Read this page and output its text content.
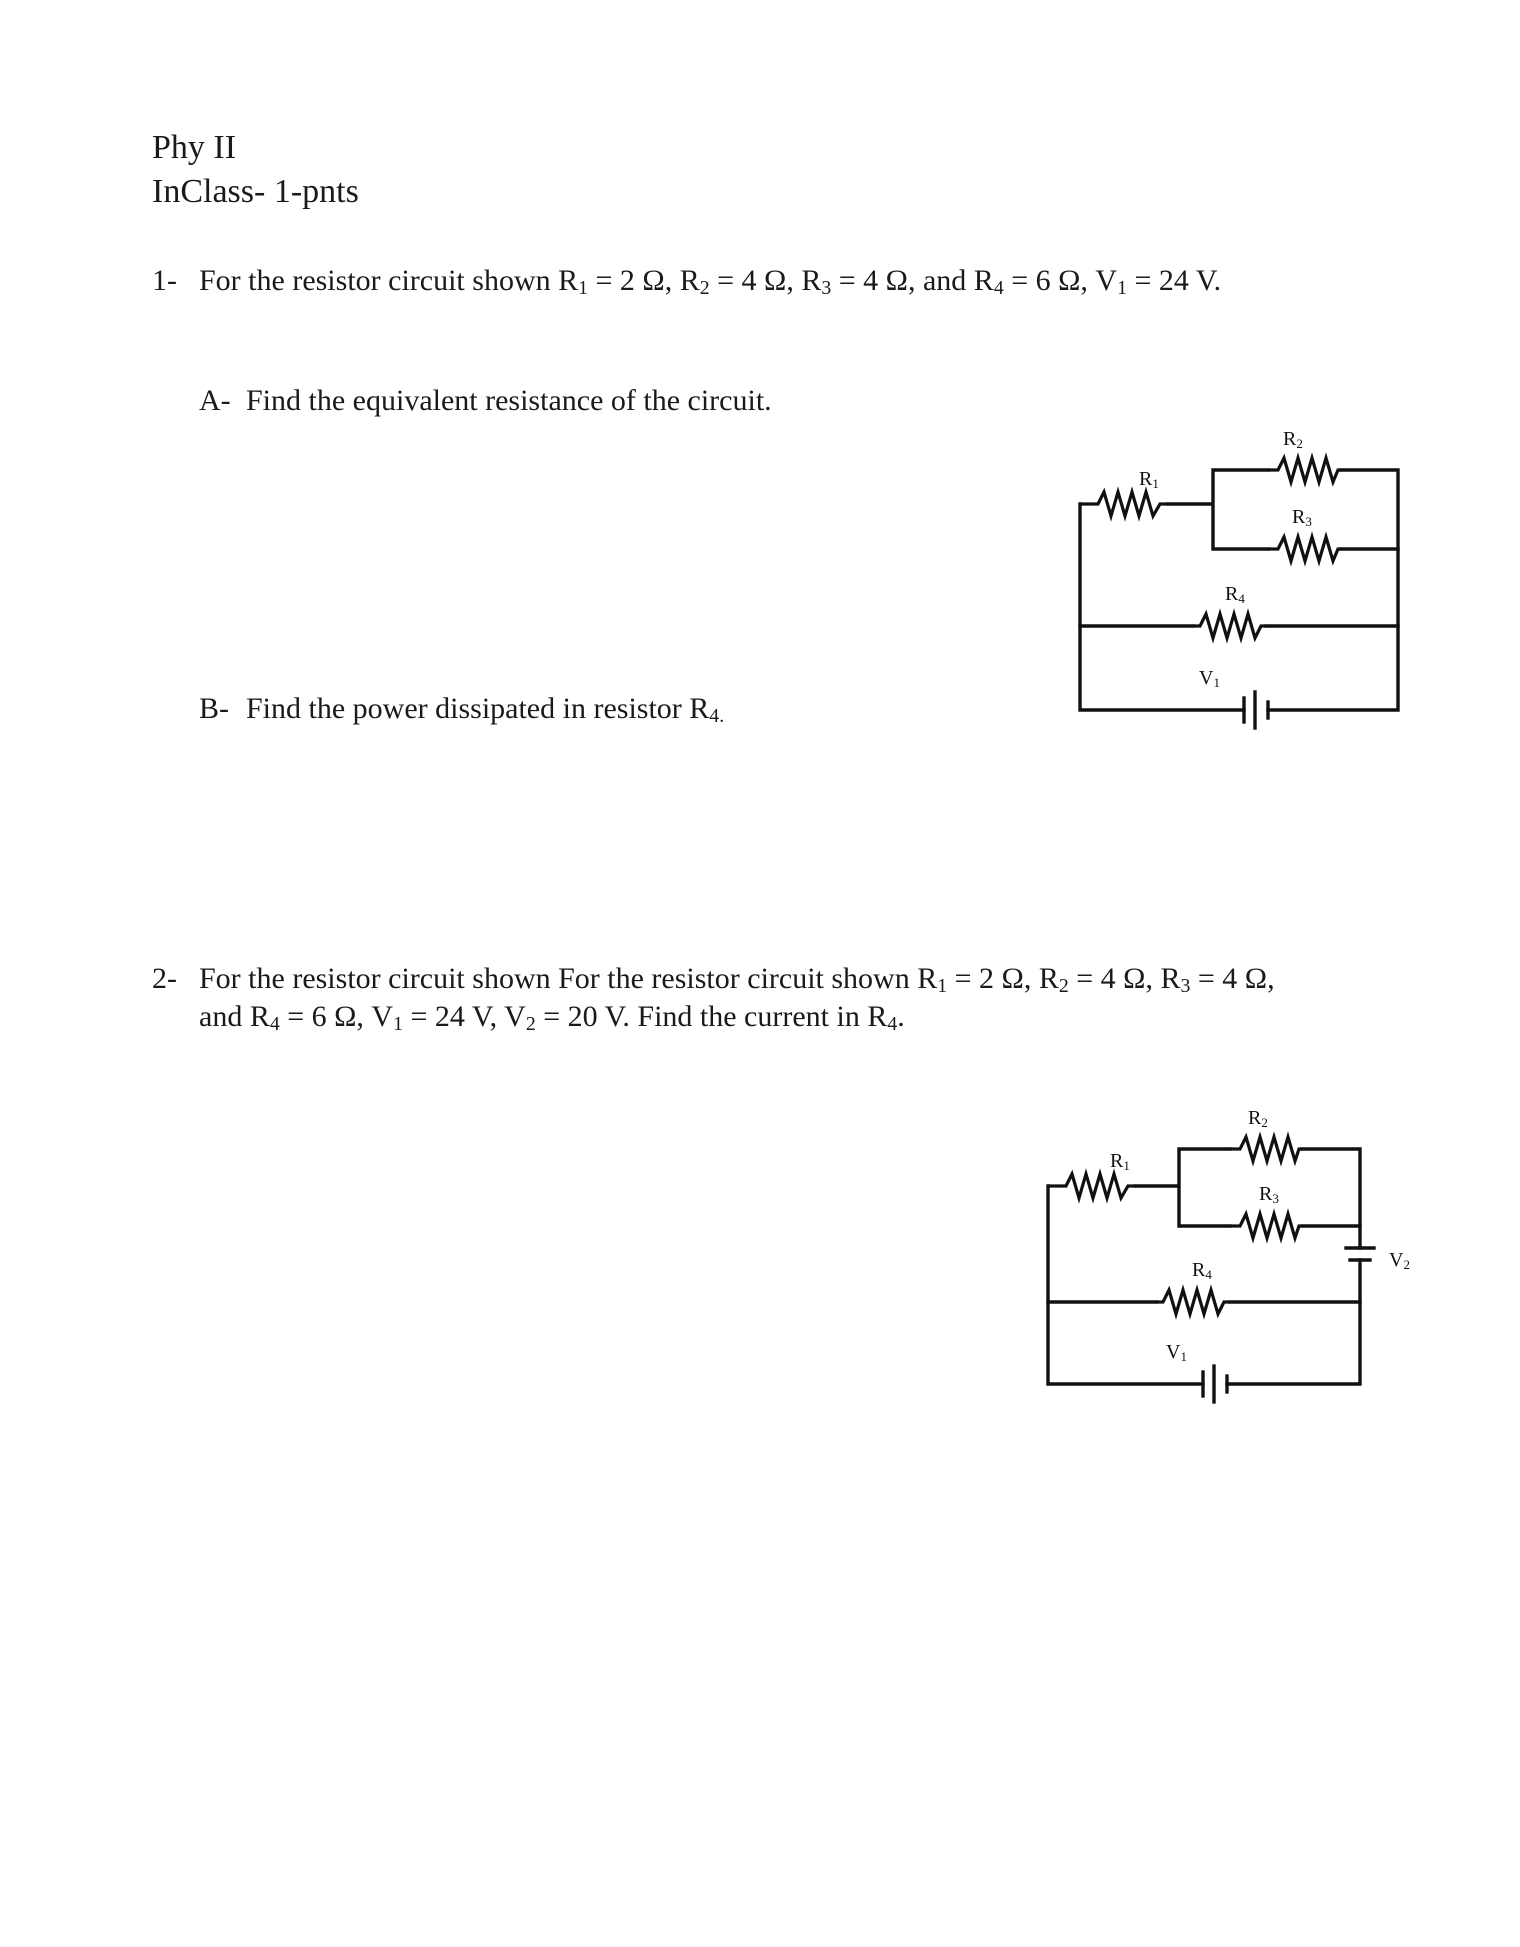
Phy II
InClass- 1-pnts
1- For the resistor circuit shown R1 = 2 Ω, R2 = 4 Ω, R3 = 4 Ω, and R4 = 6 Ω, V1 = 24 V.
A- Find the equivalent resistance of the circuit.
B- Find the power dissipated in resistor R4.
R1
R2
R3
R4
V1
2- For the resistor circuit shown For the resistor circuit shown R1 = 2 Ω, R2 = 4 Ω, R3 = 4 Ω,
and R4 = 6 Ω, V1 = 24 V, V2 = 20 V. Find the current in R4.
R1
R2
R3
R4
V1
V2
